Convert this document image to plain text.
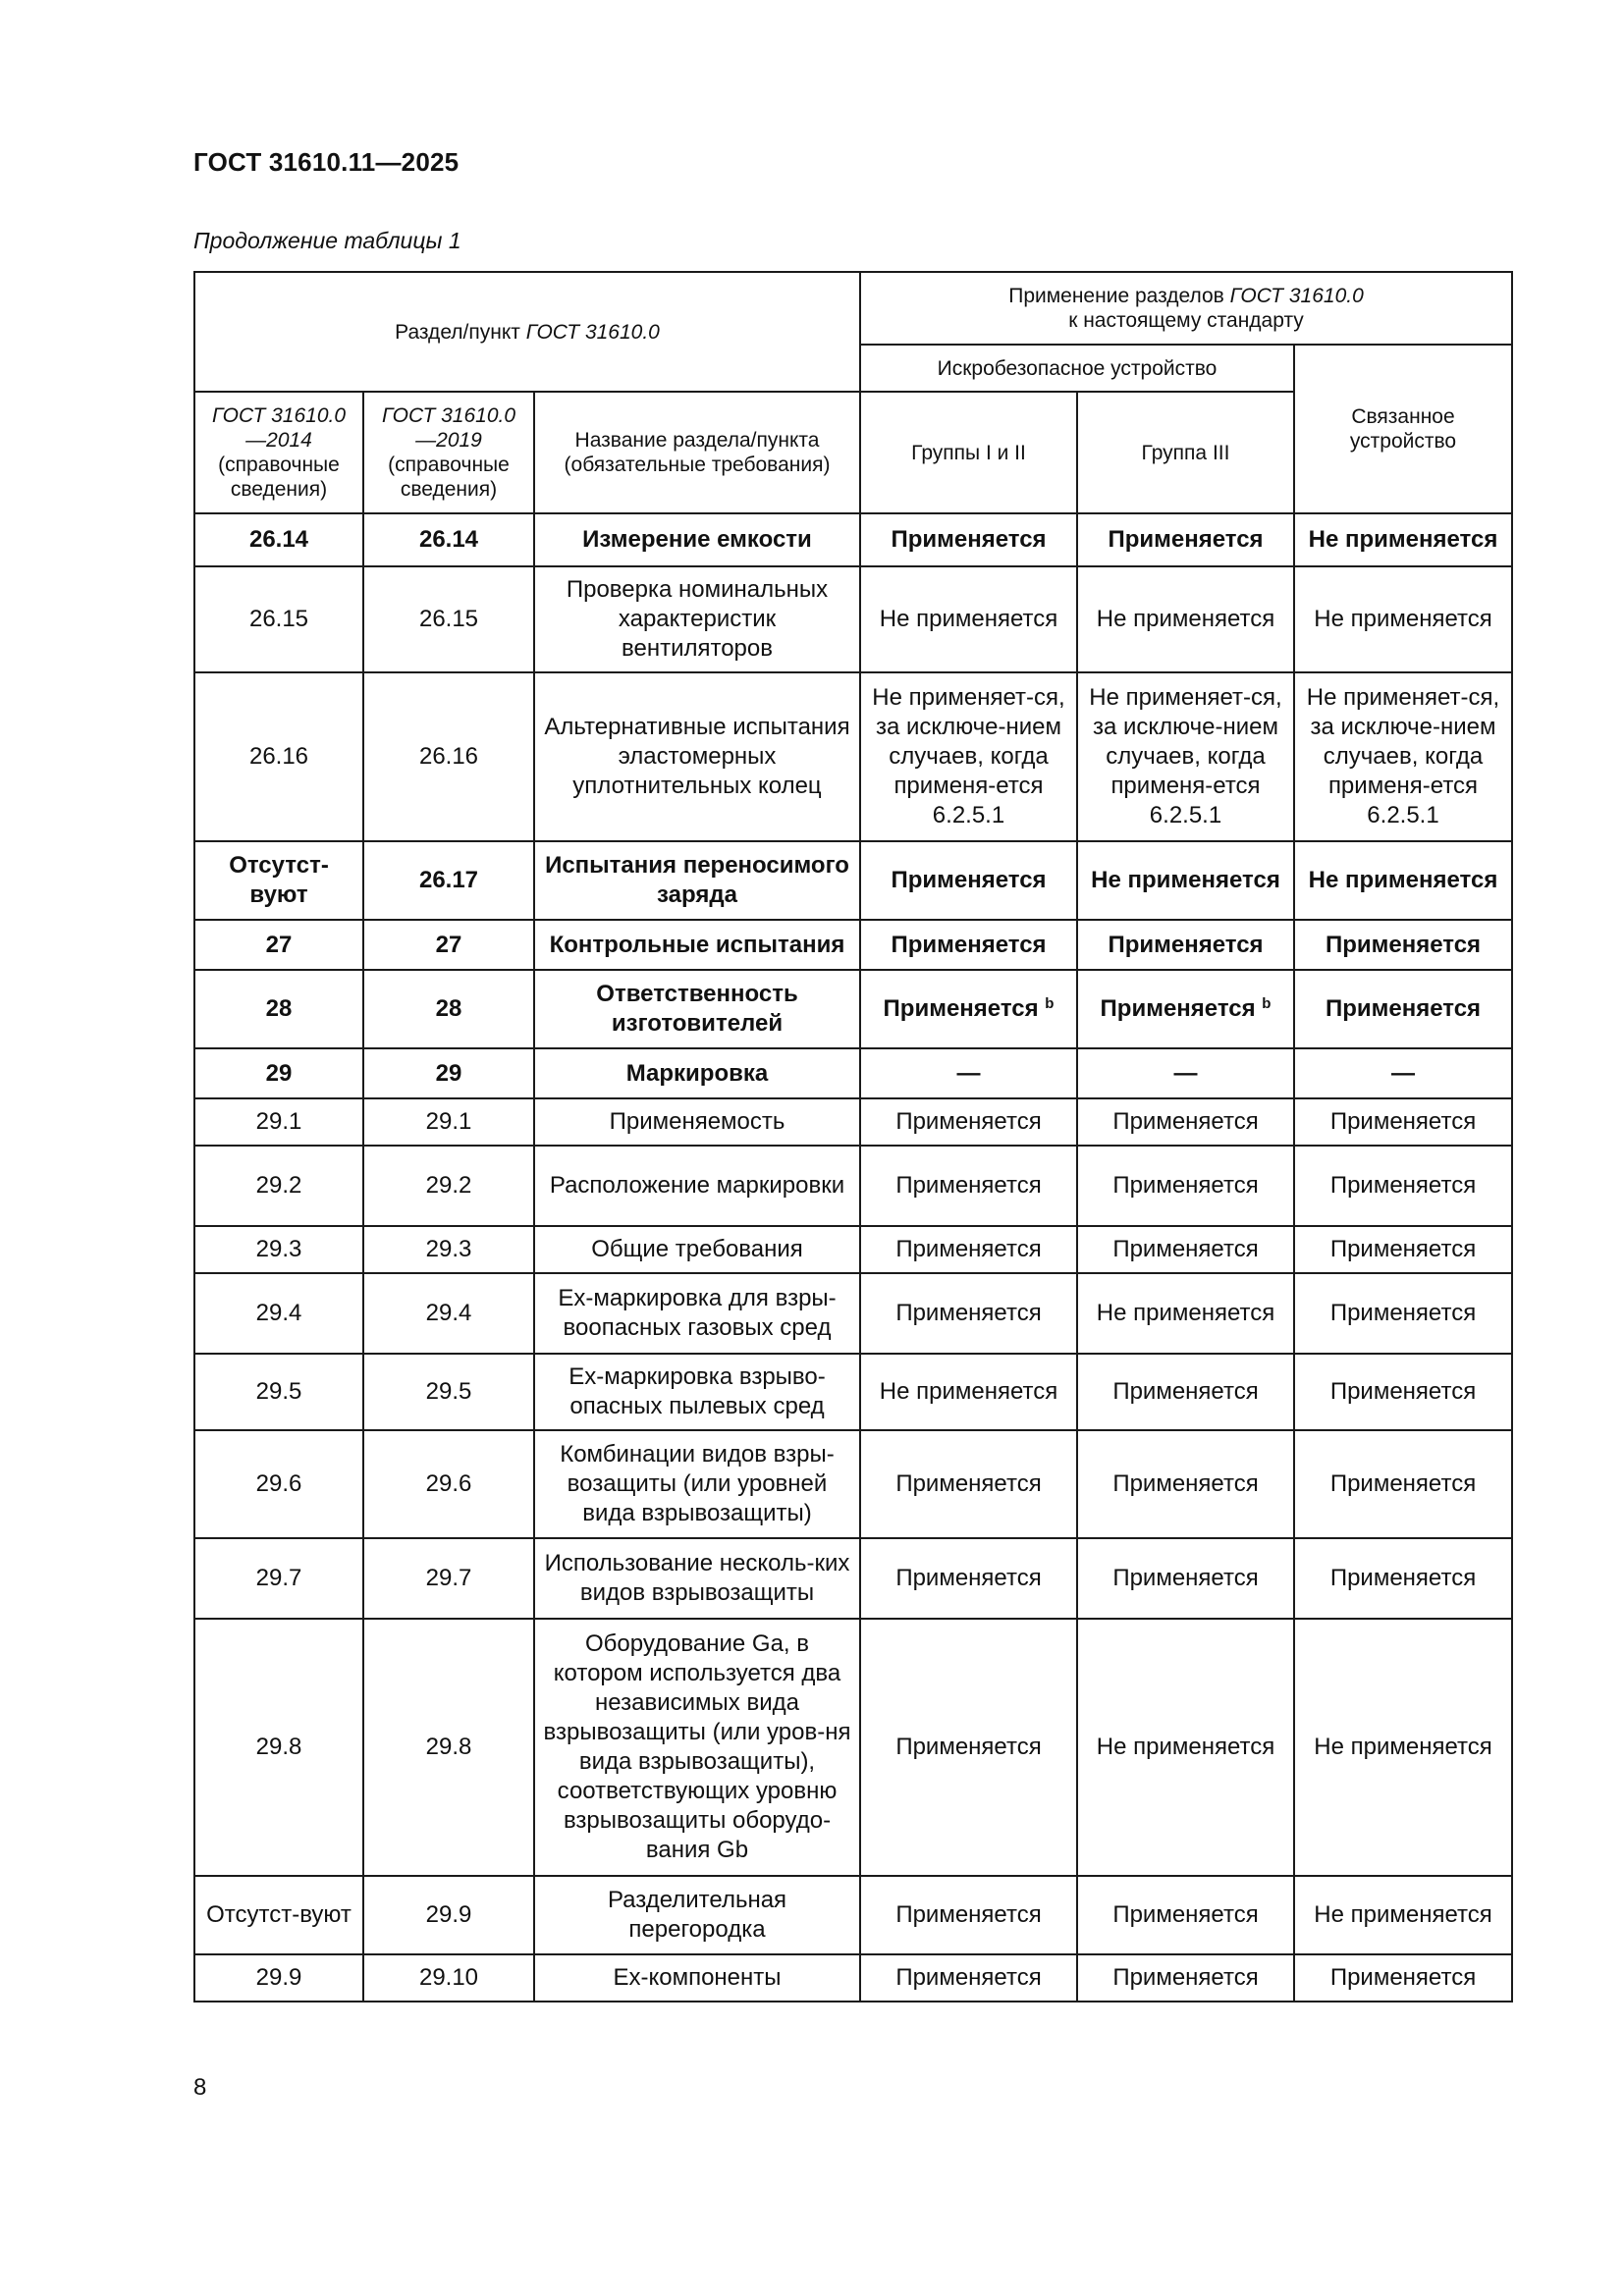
ГОСТ 31610.11—2025
Продолжение таблицы 1
Раздел/пункт ГОСТ 31610.0			Применение разделов ГОСТ 31610.0
к настоящему стандарту		
			Искробезопасное устройство		Связанное устройство
ГОСТ 31610.0—2014 (справочные сведения)	ГОСТ 31610.0—2019 (справочные сведения)	Название раздела/пункта (обязательные требования)	Группы I и II	Группа III	
26.14	26.14	Измерение емкости	Применяется	Применяется	Не применяется
26.15	26.15	Проверка номинальных характеристик вентиляторов	Не применяется	Не применяется	Не применяется
26.16	26.16	Альтернативные испытания эластомерных уплотнительных колец	Не применяет-ся, за исключе-нием случаев, когда применя-ется 6.2.5.1	Не применяет-ся, за исключе-нием случаев, когда применя-ется 6.2.5.1	Не применяет-ся, за исключе-нием случаев, когда применя-ется 6.2.5.1
Отсутст-вуют	26.17	Испытания переносимого заряда	Применяется	Не применяется	Не применяется
27	27	Контрольные испытания	Применяется	Применяется	Применяется
28	28	Ответственность изготовителей	Применяется $^b$	Применяется $^b$	Применяется
29	29	Маркировка	—	—	—
29.1	29.1	Применяемость	Применяется	Применяется	Применяется
29.2	29.2	Расположение маркировки	Применяется	Применяется	Применяется
29.3	29.3	Общие требования	Применяется	Применяется	Применяется
29.4	29.4	Ех-маркировка для взры-воопасных газовых сред	Применяется	Не применяется	Применяется
29.5	29.5	Ех-маркировка взрыво-опасных пылевых сред	Не применяется	Применяется	Применяется
29.6	29.6	Комбинации видов взры-возащиты (или уровней вида взрывозащиты)	Применяется	Применяется	Применяется
29.7	29.7	Использование несколь-ких видов взрывозащиты	Применяется	Применяется	Применяется
29.8	29.8	Оборудование Ga, в котором используется два независимых вида взрывозащиты (или уров-ня вида взрывозащиты), соответствующих уровню взрывозащиты оборудо-вания Gb	Применяется	Не применяется	Не применяется
Отсутст-вуют	29.9	Разделительная перегородка	Применяется	Применяется	Не применяется
29.9	29.10	Ех-компоненты	Применяется	Применяется	Применяется
8
